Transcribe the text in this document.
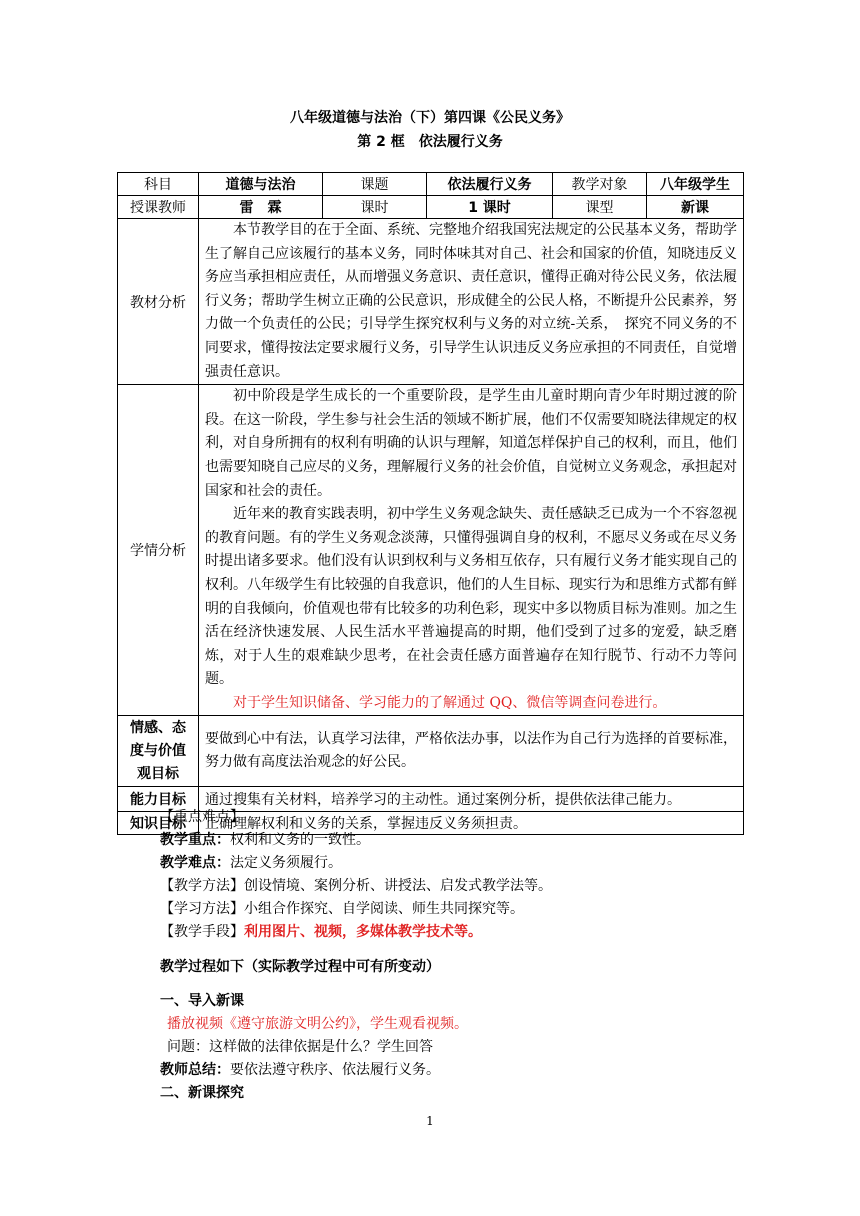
八年级道德与法治（下）第四课《公民义务》
第 2 框　依法履行义务
科目	道德与法治	课题	依法履行义务	教学对象	八年级学生
授课教师	雷　霖	课时	1 课时	课型	新课
教材分析	本节教学目的在于全面、系统、完整地介绍我国宪法规定的公民基本义务，帮助学生了解自己应该履行的基本义务，同时体味其对自己、社会和国家的价值，知晓违反义务应当承担相应责任，从而增强义务意识、责任意识，懂得正确对待公民义务，依法履行义务；帮助学生树立正确的公民意识，形成健全的公民人格，不断提升公民素养，努力做一个负责任的公民；引导学生探究权利与义务的对立统-关系，　探究不同义务的不同要求，懂得按法定要求履行义务，引导学生认识违反义务应承担的不同责任，自觉增强责任意识。				

学情分析	初中阶段是学生成长的一个重要阶段，是学生由儿童时期向青少年时期过渡的阶段。在这一阶段，学生参与社会生活的领域不断扩展，他们不仅需要知晓法律规定的权利，对自身所拥有的权利有明确的认识与理解，知道怎样保护自己的权利，而且，他们也需要知晓自己应尽的义务，理解履行义务的社会价值，自觉树立义务观念，承担起对国家和社会的责任。

近年来的教育实践表明，初中学生义务观念缺失、责任感缺乏已成为一个不容忽视的教育问题。有的学生义务观念淡薄，只懂得强调自身的权利，不愿尽义务或在尽义务时提出诸多要求。他们没有认识到权利与义务相互依存，只有履行义务才能实现自己的权利。八年级学生有比较强的自我意识，他们的人生目标、现实行为和思维方式都有鲜明的自我倾向，价值观也带有比较多的功利色彩，现实中多以物质目标为准则。加之生活在经济快速发展、人民生活水平普遍提高的时期，他们受到了过多的宠爱，缺乏磨炼，对于人生的艰难缺少思考，在社会责任感方面普遍存在知行脱节、行动不力等问题。

对于学生知识储备、学习能力的了解通过 QQ、微信等调查问卷进行。				

情感、态
度与价值
观目标	要做到心中有法，认真学习法律，严格依法办事，以法作为自己行为选择的首要标准，努力做有高度法治观念的好公民。				
能力目标	通过搜集有关材料，培养学习的主动性。通过案例分析，提供依法律己能力。				
知识目标	正确理解权利和义务的关系，掌握违反义务须担责。				
【重点难点】
教学重点：权利和义务的一致性。
教学难点：法定义务须履行。
【教学方法】创设情境、案例分析、讲授法、启发式教学法等。
【学习方法】小组合作探究、自学阅读、师生共同探究等。
【教学手段】利用图片、视频，多媒体教学技术等。
教学过程如下（实际教学过程中可有所变动）
一、导入新课
播放视频《遵守旅游文明公约》，学生观看视频。
问题：这样做的法律依据是什么？学生回答
教师总结：要依法遵守秩序、依法履行义务。
二、新课探究
1
